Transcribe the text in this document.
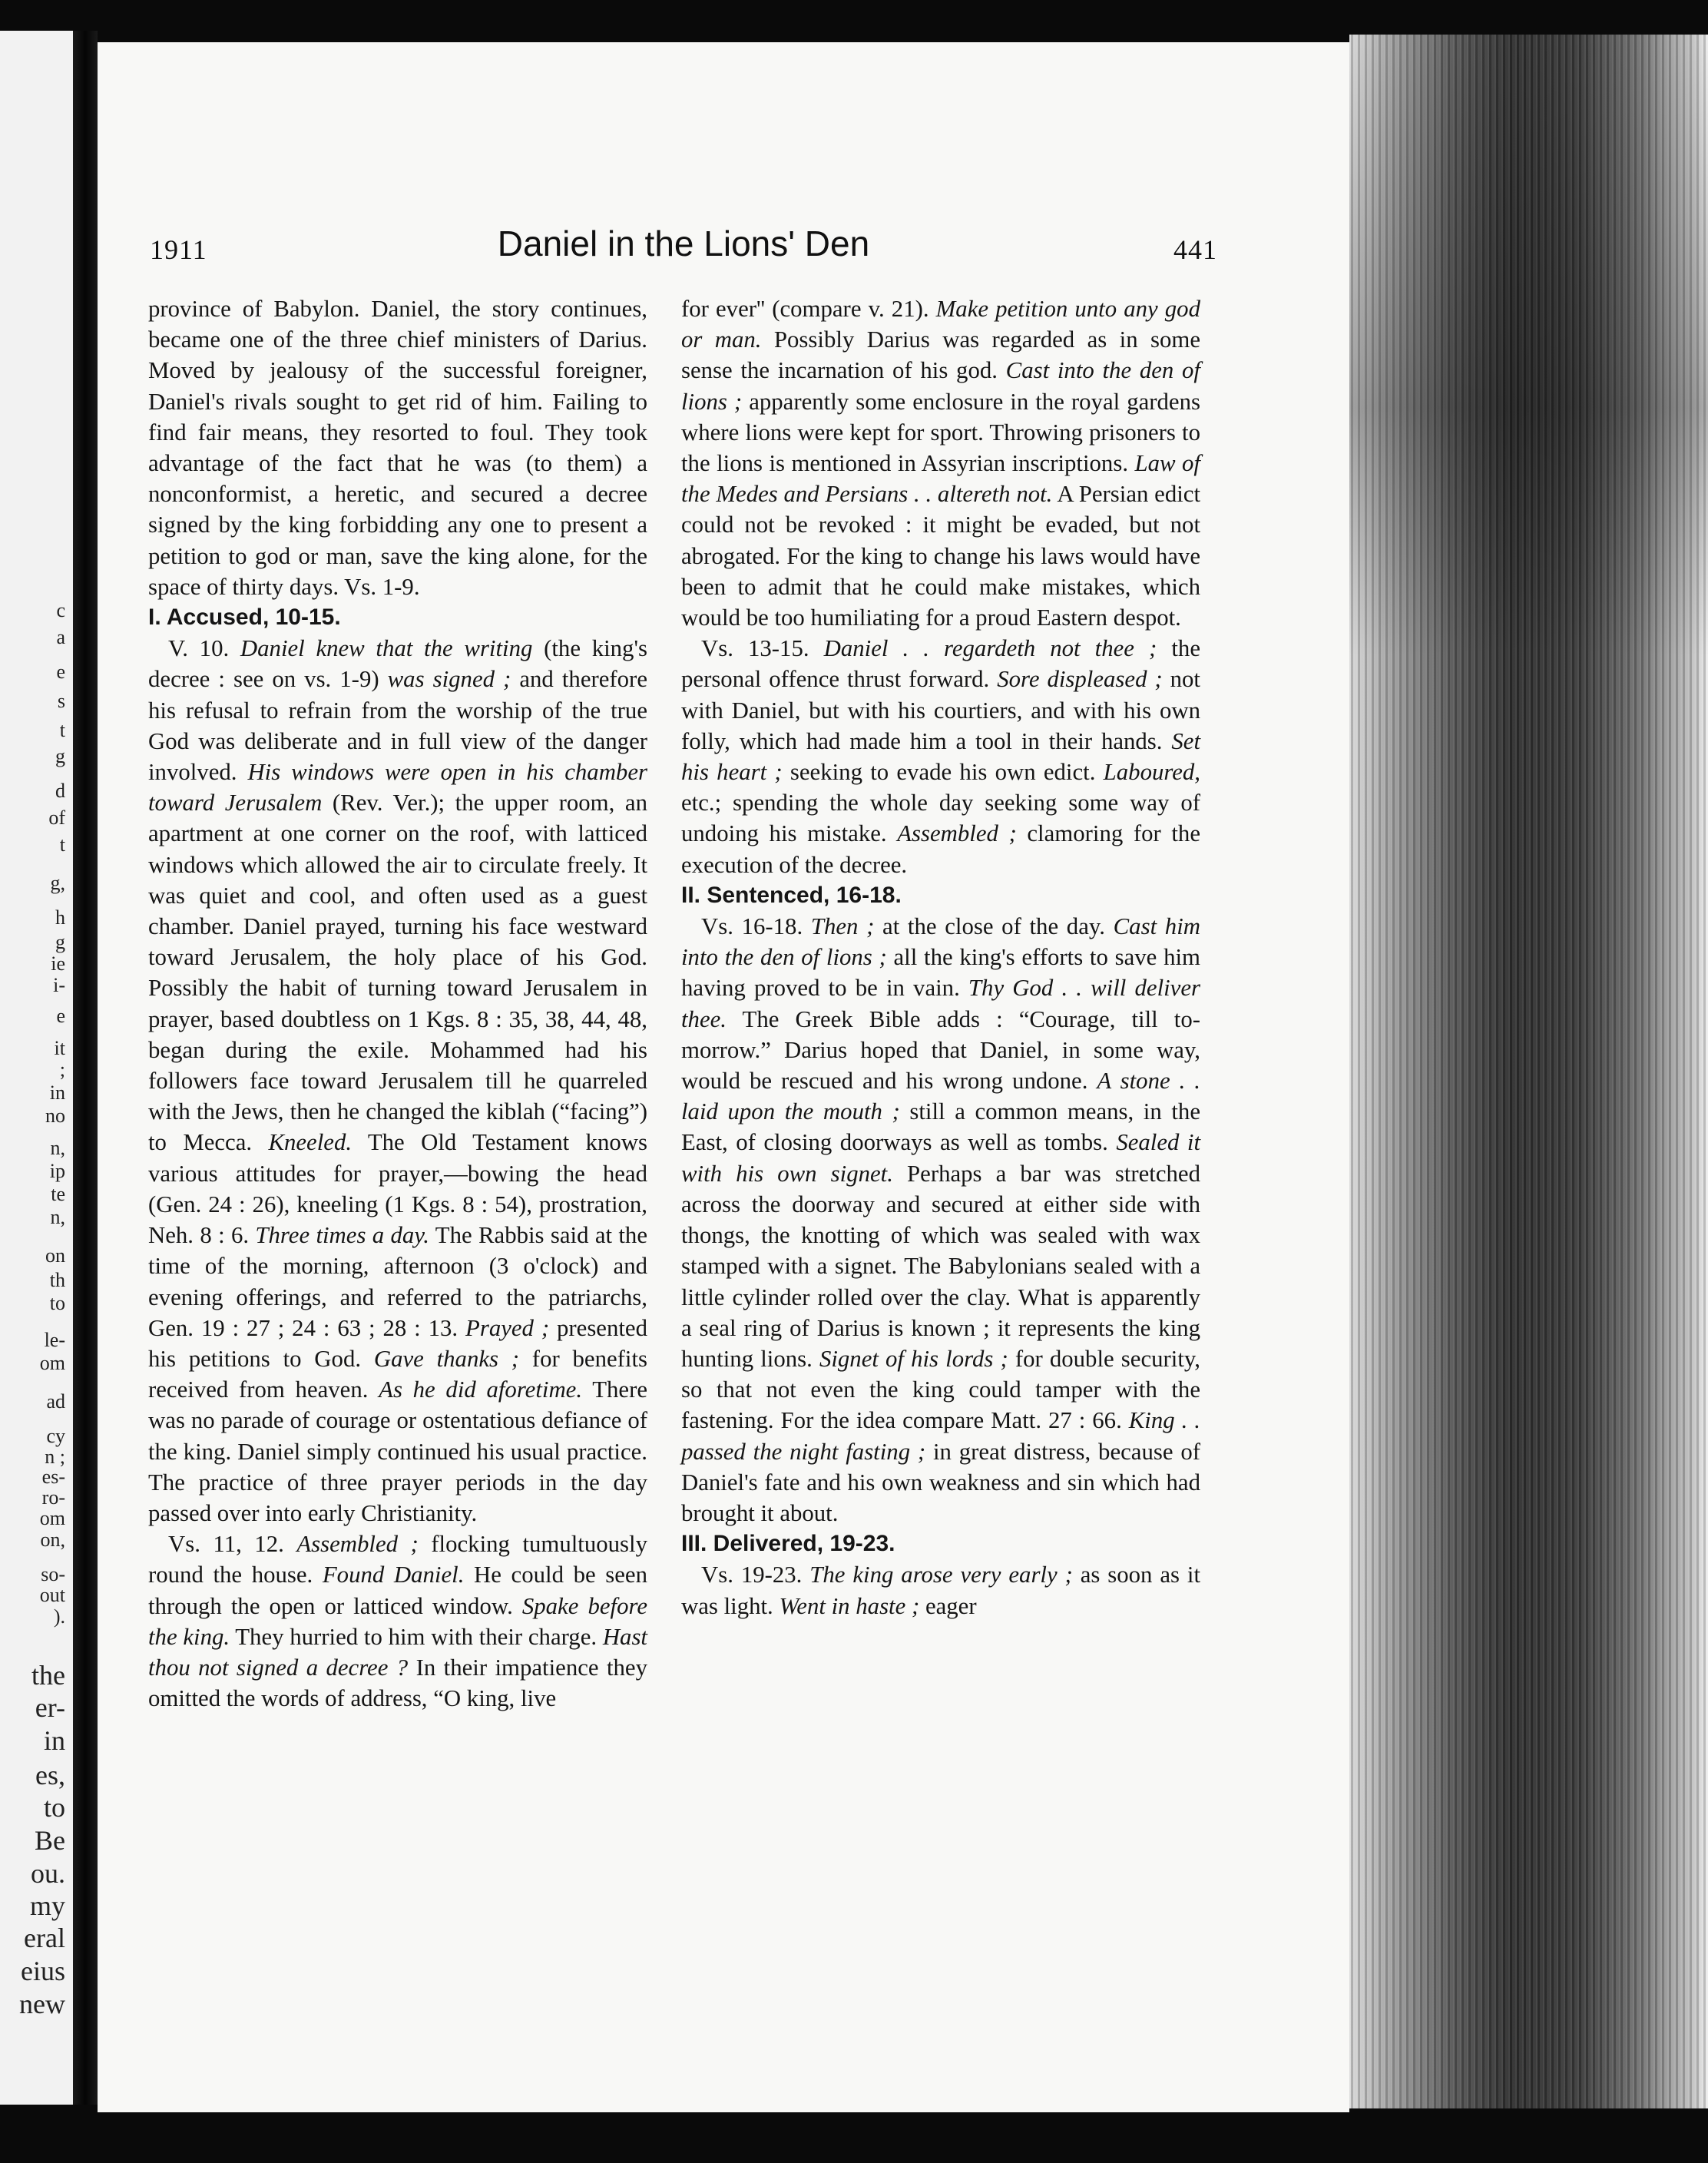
c
a
e
s
t
g
d
of
t
g,
h
g
ie
i-
e
it
;
in
no
n,
ip
te
n,
on
th
to
le-
om
ad
cy
n ;
es-
ro-
om
on,
so-
out
).
the
er-
in
es,
to
Be
ou.
my
eral
eius
new
1911	Daniel in the Lions' Den	441

province of Babylon. Daniel, the story continues, became one of the three chief ministers of Darius. Moved by jealousy of the successful foreigner, Daniel's rivals sought to get rid of him. Failing to find fair means, they resorted to foul. They took advantage of the fact that he was (to them) a nonconformist, a heretic, and secured a decree signed by the king forbidding any one to present a petition to god or man, save the king alone, for the space of thirty days. Vs. 1-9.

I. Accused, 10-15.

V. 10. Daniel knew that the writing (the king's decree : see on vs. 1-9) was signed ; and therefore his refusal to refrain from the worship of the true God was deliberate and in full view of the danger involved. His windows were open in his chamber toward Jerusalem (Rev. Ver.); the upper room, an apartment at one corner on the roof, with latticed windows which allowed the air to circulate freely. It was quiet and cool, and often used as a guest chamber. Daniel prayed, turning his face westward toward Jerusalem, the holy place of his God. Possibly the habit of turning toward Jerusalem in prayer, based doubtless on 1 Kgs. 8 : 35, 38, 44, 48, began during the exile. Mohammed had his followers face toward Jerusalem till he quarreled with the Jews, then he changed the kiblah (“facing”) to Mecca. Kneeled. The Old Testament knows various attitudes for prayer,—bowing the head (Gen. 24 : 26), kneeling (1 Kgs. 8 : 54), prostration, Neh. 8 : 6. Three times a day. The Rabbis said at the time of the morning, afternoon (3 o'clock) and evening offerings, and referred to the patriarchs, Gen. 19 : 27 ; 24 : 63 ; 28 : 13. Prayed ; presented his petitions to God. Gave thanks ; for benefits received from heaven. As he did aforetime. There was no parade of courage or ostentatious defiance of the king. Daniel simply continued his usual practice. The practice of three prayer periods in the day passed over into early Christianity.

Vs. 11, 12. Assembled ; flocking tumultuously round the house. Found Daniel. He could be seen through the open or latticed window. Spake before the king. They hurried to him with their charge. Hast thou not signed a decree ? In their impatience they omitted the words of address, “O king, live

for ever'' (compare v. 21). Make petition unto any god or man. Possibly Darius was regarded as in some sense the incarnation of his god. Cast into the den of lions ; apparently some enclosure in the royal gardens where lions were kept for sport. Throwing prisoners to the lions is mentioned in Assyrian inscriptions. Law of the Medes and Persians . . altereth not. A Persian edict could not be revoked : it might be evaded, but not abrogated. For the king to change his laws would have been to admit that he could make mistakes, which would be too humiliating for a proud Eastern despot.

Vs. 13-15. Daniel . . regardeth not thee ; the personal offence thrust forward. Sore displeased ; not with Daniel, but with his courtiers, and with his own folly, which had made him a tool in their hands. Set his heart ; seeking to evade his own edict. Laboured, etc.; spending the whole day seeking some way of undoing his mistake. Assembled ; clamoring for the execution of the decree.

II. Sentenced, 16-18.

Vs. 16-18. Then ; at the close of the day. Cast him into the den of lions ; all the king's efforts to save him having proved to be in vain. Thy God . . will deliver thee. The Greek Bible adds : “Courage, till to-morrow.” Darius hoped that Daniel, in some way, would be rescued and his wrong undone. A stone . . laid upon the mouth ; still a common means, in the East, of closing doorways as well as tombs. Sealed it with his own signet. Perhaps a bar was stretched across the doorway and secured at either side with thongs, the knotting of which was sealed with wax stamped with a signet. The Babylonians sealed with a little cylinder rolled over the clay. What is apparently a seal ring of Darius is known ; it represents the king hunting lions. Signet of his lords ; for double security, so that not even the king could tamper with the fastening. For the idea compare Matt. 27 : 66. King . . passed the night fasting ; in great distress, because of Daniel's fate and his own weakness and sin which had brought it about.

III. Delivered, 19-23.

Vs. 19-23. The king arose very early ; as soon as it was light. Went in haste ; eager
